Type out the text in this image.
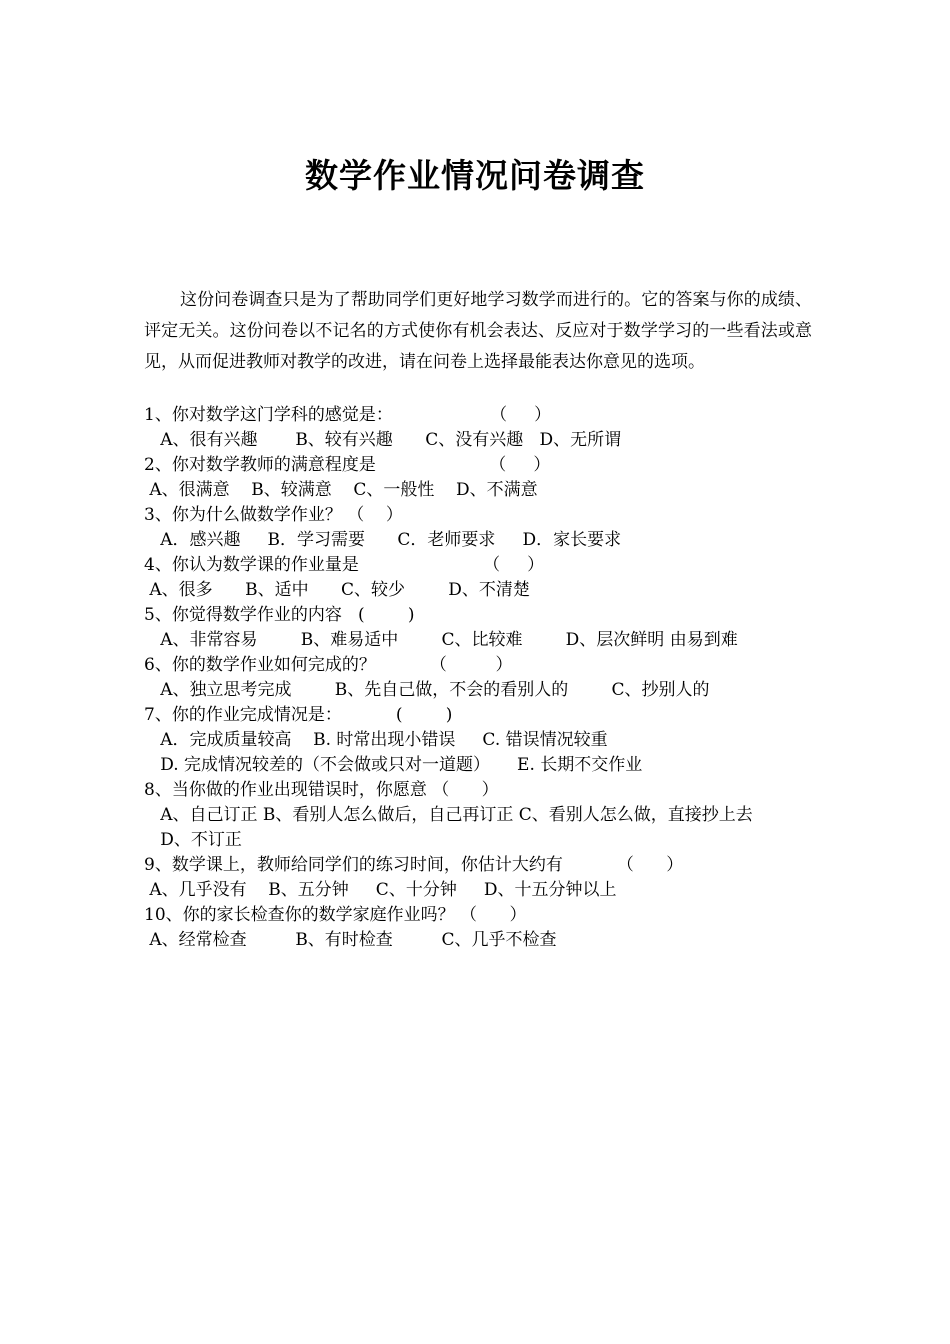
数学作业情况问卷调查
这份问卷调查只是为了帮助同学们更好地学习数学而进行的。它的答案与你的成绩、评定无关。这份问卷以不记名的方式使你有机会表达、反应对于数学学习的一些看法或意见，从而促进教师对教学的改进，请在问卷上选择最能表达你意见的选项。
1、你对数学这门学科的感觉是：                  （     ）
A、很有兴趣       B、较有兴趣      C、没有兴趣   D、无所谓
2、你对数学教师的满意程度是                     （     ）
A、很满意    B、较满意    C、一般性    D、不满意
3、你为什么做数学作业？ （    ）
A．感兴趣     B．学习需要      C．老师要求     D．家长要求
4、你认为数学课的作业量是                       （     ）
A、很多      B、适中      C、较少        D、不清楚
5、你觉得数学作业的内容   (        )
A、非常容易        B、难易适中        C、比较难        D、层次鲜明 由易到难
6、你的数学作业如何完成的？          （         ）
A、独立思考完成        B、先自己做，不会的看别人的        C、抄别人的
7、你的作业完成情况是：          (        )
A．完成质量较高    B. 时常出现小错误     C. 错误情况较重
D. 完成情况较差的（不会做或只对一道题）     E. 长期不交作业
8、当你做的作业出现错误时，你愿意 （      ）
A、自己订正 B、看别人怎么做后，自己再订正 C、看别人怎么做，直接抄上去
D、不订正
9、数学课上，教师给同学们的练习时间，你估计大约有          （      ）
A、几乎没有    B、五分钟     C、十分钟     D、十五分钟以上
10、你的家长检查你的数学家庭作业吗？ （      ）
A、经常检查         B、有时检查         C、几乎不检查
